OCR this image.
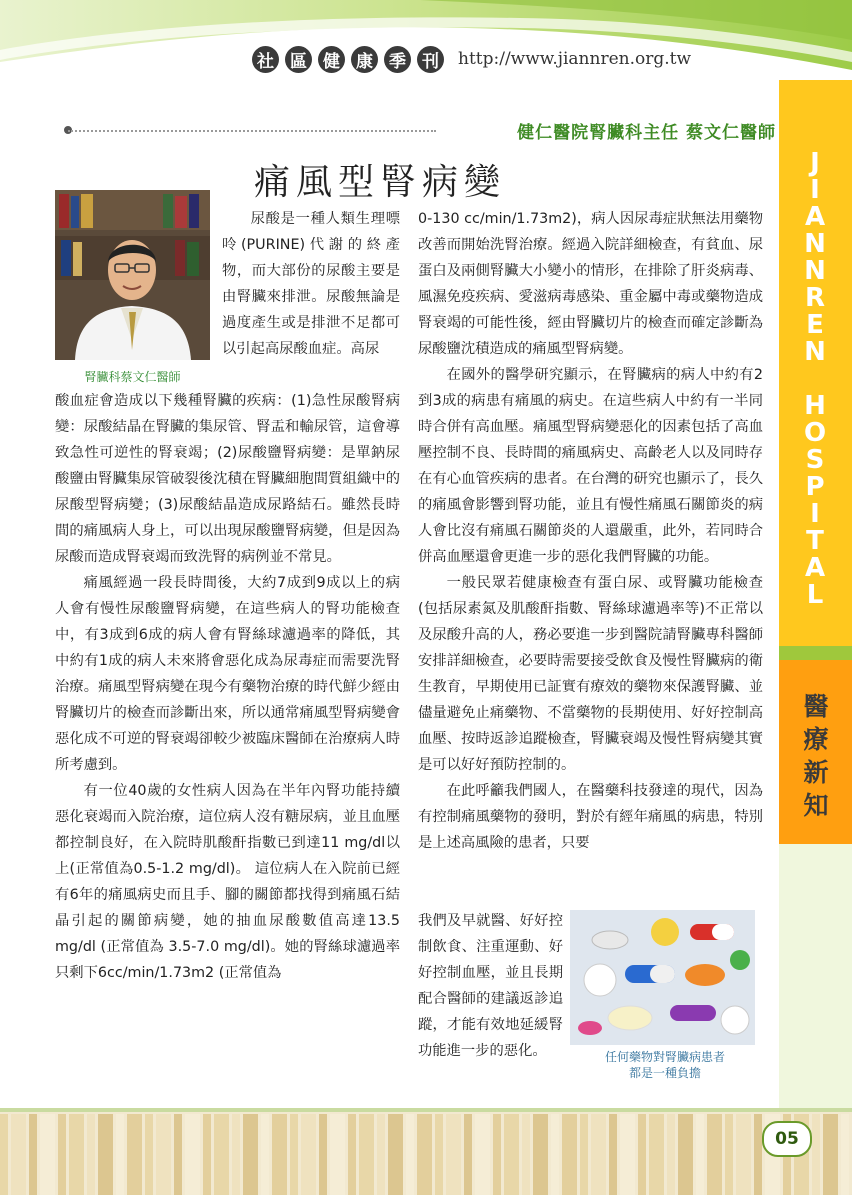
社 區 健 康 季 刊 http://www.jiannren.org.tw
健仁醫院腎臟科主任 蔡文仁醫師
痛風型腎病變	J
I
A
N
N
R
E
N

H
O
S
P
I
T
A
L
醫
療
新
知
腎臟科蔡文仁醫師

尿酸是一種人類生理嘌呤(PURINE)代謝的終產物，而大部份的尿酸主要是由腎臟來排泄。尿酸無論是過度產生或是排泄不足都可以引起高尿酸血症。高尿

酸血症會造成以下幾種腎臟的疾病：(1)急性尿酸腎病變：尿酸結晶在腎臟的集尿管、腎盂和輸尿管，這會導致急性可逆性的腎衰竭；(2)尿酸鹽腎病變：是單鈉尿酸鹽由腎臟集尿管破裂後沈積在腎臟細胞間質組織中的尿酸型腎病變；(3)尿酸結晶造成尿路結石。雖然長時間的痛風病人身上，可以出現尿酸鹽腎病變，但是因為尿酸而造成腎衰竭而致洗腎的病例並不常見。

痛風經過一段長時間後，大約7成到9成以上的病人會有慢性尿酸鹽腎病變，在這些病人的腎功能檢查中，有3成到6成的病人會有腎絲球濾過率的降低，其中約有1成的病人未來將會惡化成為尿毒症而需要洗腎治療。痛風型腎病變在現今有藥物治療的時代鮮少經由腎臟切片的檢查而診斷出來，所以通常痛風型腎病變會惡化成不可逆的腎衰竭卻較少被臨床醫師在治療病人時所考慮到。

有一位40歲的女性病人因為在半年內腎功能持續惡化衰竭而入院治療，這位病人沒有糖尿病，並且血壓都控制良好，在入院時肌酸酐指數已到達11 mg/dl以上(正常值為0.5-1.2 mg/dl)。 這位病人在入院前已經有6年的痛風病史而且手、腳的關節都找得到痛風石結晶引起的關節病變，她的抽血尿酸數值高達13.5 mg/dl (正常值為 3.5-7.0 mg/dl)。她的腎絲球濾過率只剩下6cc/min/1.73m2 (正常值為

0-130 cc/min/1.73m2)，病人因尿毒症狀無法用藥物改善而開始洗腎治療。經過入院詳細檢查，有貧血、尿蛋白及兩側腎臟大小變小的情形，在排除了肝炎病毒、風濕免疫疾病、愛滋病毒感染、重金屬中毒或藥物造成腎衰竭的可能性後，經由腎臟切片的檢查而確定診斷為尿酸鹽沈積造成的痛風型腎病變。

在國外的醫學研究顯示，在腎臟病的病人中約有2到3成的病患有痛風的病史。在這些病人中約有一半同時合併有高血壓。痛風型腎病變惡化的因素包括了高血壓控制不良、長時間的痛風病史、高齡老人以及同時存在有心血管疾病的患者。在台灣的研究也顯示了，長久的痛風會影響到腎功能，並且有慢性痛風石關節炎的病人會比沒有痛風石關節炎的人還嚴重，此外，若同時合併高血壓還會更進一步的惡化我們腎臟的功能。

一般民眾若健康檢查有蛋白尿、或腎臟功能檢查(包括尿素氮及肌酸酐指數、腎絲球濾過率等)不正常以及尿酸升高的人，務必要進一步到醫院請腎臟專科醫師安排詳細檢查，必要時需要接受飲食及慢性腎臟病的衛生教育，早期使用已証實有療效的藥物來保護腎臟、並儘量避免止痛藥物、不當藥物的長期使用、好好控制高血壓、按時返診追蹤檢查，腎臟衰竭及慢性腎病變其實是可以好好預防控制的。

在此呼籲我們國人，在醫藥科技發達的現代，因為有控制痛風藥物的發明，對於有經年痛風的病患，特別是上述高風險的患者，只要

我們及早就醫、好好控制飲食、注重運動、好好控制血壓，並且長期配合醫師的建議返診追蹤，才能有效地延緩腎功能進一步的惡化。	任何藥物對腎臟病患者
都是一種負擔
05
